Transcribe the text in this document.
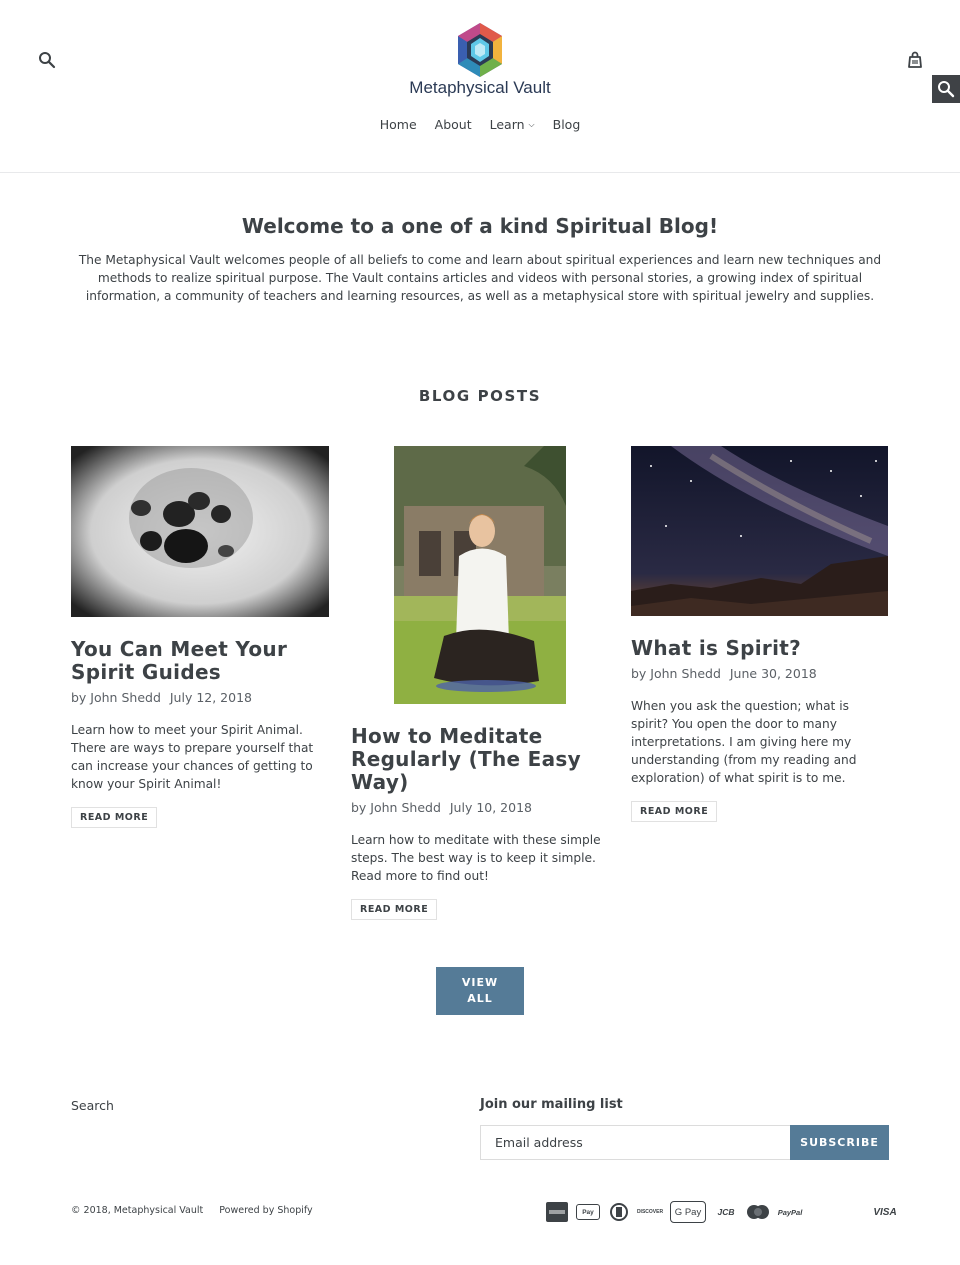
Metaphysical Vault
Home About Learn ⌵ Blog
Welcome to a one of a kind Spiritual Blog!

The Metaphysical Vault welcomes people of all beliefs to come and learn about spiritual experiences and learn new techniques and methods to realize spiritual purpose. The Vault contains articles and videos with personal stories, a growing index of spiritual information, a community of teachers and learning resources, as well as a metaphysical store with spiritual jewelry and supplies.

BLOG POSTS
You Can Meet Your Spirit Guides
by John Shedd July 12, 2018

Learn how to meet your Spirit Animal. There are ways to prepare yourself that can increase your chances of getting to know your Spirit Animal!

READ MORE
How to Meditate Regularly (The Easy Way)
by John Shedd July 10, 2018

Learn how to meditate with these simple steps. The best way is to keep it simple. Read more to find out!

READ MORE
What is Spirit?
by John Shedd June 30, 2018

When you ask the question; what is spirit? You open the door to many interpretations. I am giving here my understanding (from my reading and exploration) of what spirit is to me.

READ MORE
VIEW
ALL
Search	Join our mailing list
Email address
SUBSCRIBE
© 2018, Metaphysical Vault Powered by Shopify	Pay	DISCOVER G Pay	JCB	PayPal	VISA
